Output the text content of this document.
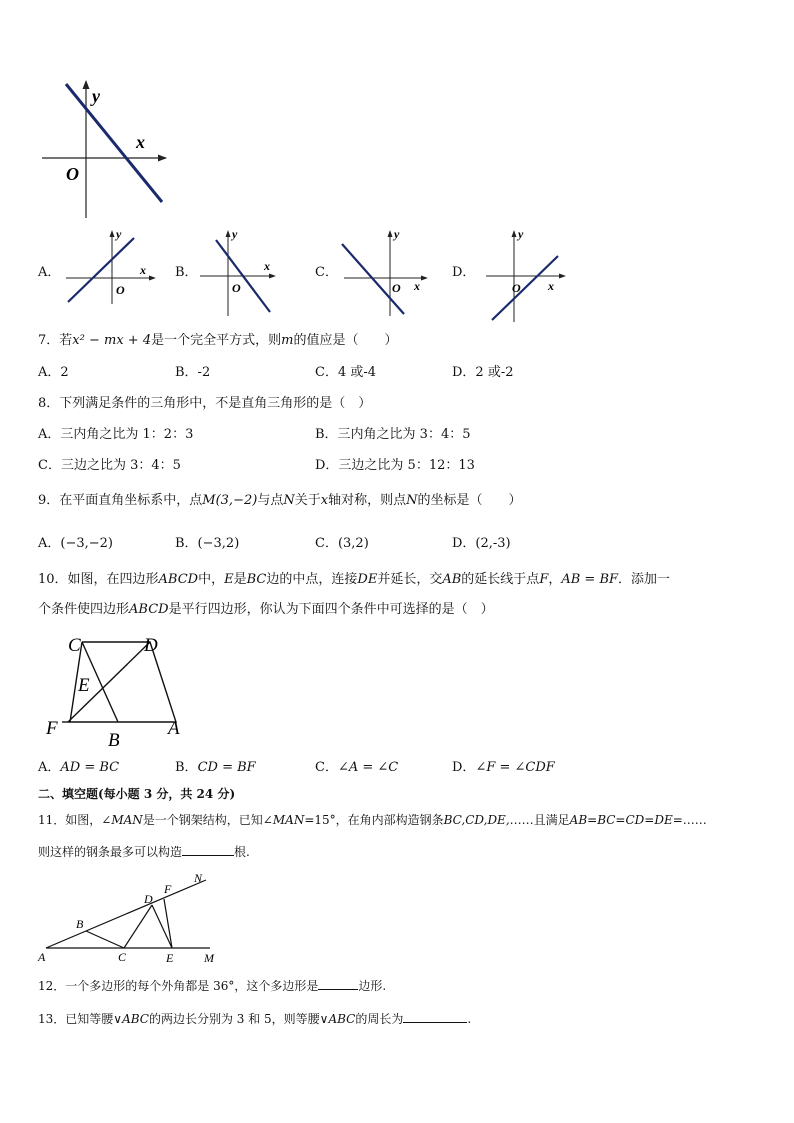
y
x
O
A．
y
x
O
B．
y
x
O
C．
y
x
O
D．
y
x
O
7．若x² − mx + 4是一个完全平方式，则m的值应是（　　）
A．2	B．-2	C．4 或-4	D．2 或-2
8．下列满足条件的三角形中，不是直角三角形的是（　）
A．三内角之比为 1：2：3	B．三内角之比为 3：4：5
C．三边之比为 3：4：5	D．三边之比为 5：12：13
9．在平面直角坐标系中，点M(3,−2)与点N关于x轴对称，则点N的坐标是（　　）
A．(−3,−2)	B．(−3,2)	C．(3,2)	D．(2,-3)
10．如图，在四边形ABCD中，E是BC边的中点，连接DE并延长，交AB的延长线于点F，AB = BF．添加一
个条件使四边形ABCD是平行四边形，你认为下面四个条件中可选择的是（　）
C	D
E
F
B
A
A．AD = BC	B．CD = BF	C．∠A = ∠C	D．∠F = ∠CDF
二、填空题(每小题 3 分，共 24 分)
11．如图，∠MAN是一个钢架结构，已知∠MAN=15°，在角内部构造钢条BC,CD,DE,……且满足AB=BC=CD=DE=……
则这样的钢条最多可以构造	根.
A
B
C
D
F
E	M
N
12．一个多边形的每个外角都是 36°，这个多边形是	边形.
13．已知等腰∨ABC的两边长分别为 3 和 5，则等腰∨ABC的周长为	.
